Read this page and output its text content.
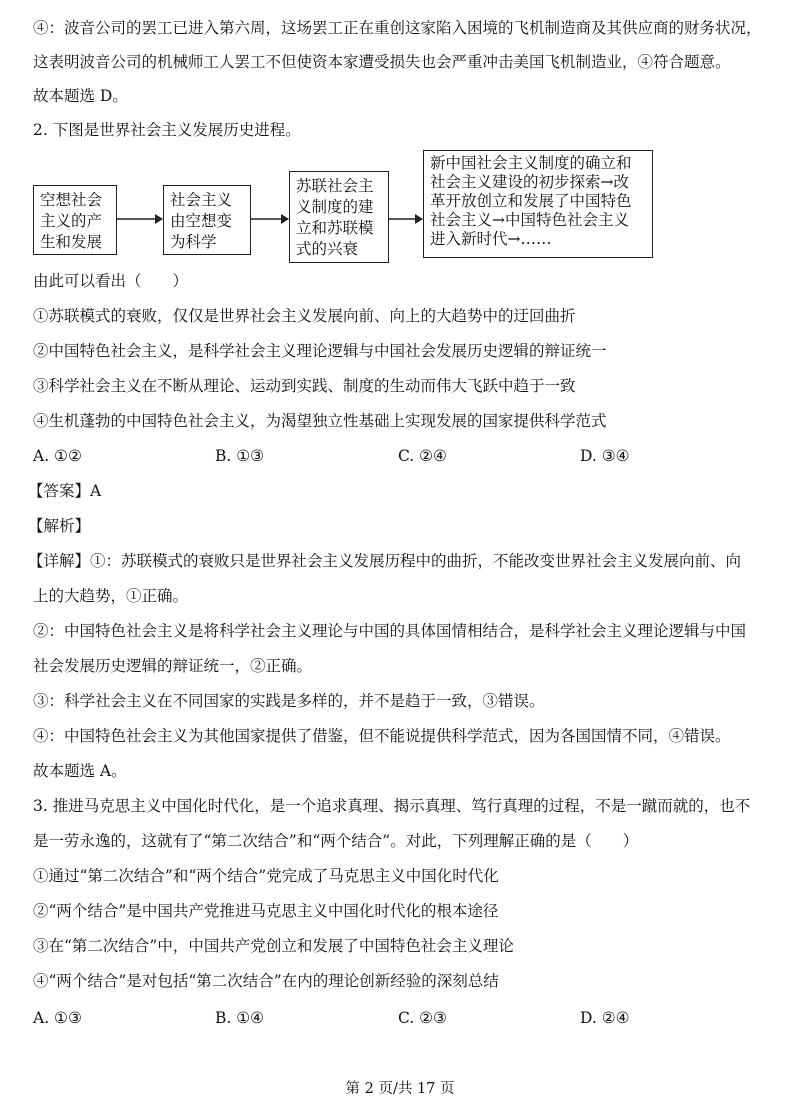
④：波音公司的罢工已进入第六周，这场罢工正在重创这家陷入困境的飞机制造商及其供应商的财务状况，
这表明波音公司的机械师工人罢工不但使资本家遭受损失也会严重冲击美国飞机制造业，④符合题意。
故本题选 D。
2. 下图是世界社会主义发展历史进程。
空想社会
主义的产
生和发展
社会主义
由空想变
为科学
苏联社会主
义制度的建
立和苏联模
式的兴衰
新中国社会主义制度的确立和
社会主义建设的初步探索→改
革开放创立和发展了中国特色
社会主义→中国特色社会主义
进入新时代→……
由此可以看出（　　）
①苏联模式的衰败，仅仅是世界社会主义发展向前、向上的大趋势中的迂回曲折
②中国特色社会主义，是科学社会主义理论逻辑与中国社会发展历史逻辑的辩证统一
③科学社会主义在不断从理论、运动到实践、制度的生动而伟大飞跃中趋于一致
④生机蓬勃的中国特色社会主义，为渴望独立性基础上实现发展的国家提供科学范式
A. ①②	B. ①③	C. ②④	D. ③④
【答案】A
【解析】
【详解】①：苏联模式的衰败只是世界社会主义发展历程中的曲折，不能改变世界社会主义发展向前、向
上的大趋势，①正确。
②：中国特色社会主义是将科学社会主义理论与中国的具体国情相结合，是科学社会主义理论逻辑与中国
社会发展历史逻辑的辩证统一，②正确。
③：科学社会主义在不同国家的实践是多样的，并不是趋于一致，③错误。
④：中国特色社会主义为其他国家提供了借鉴，但不能说提供科学范式，因为各国国情不同，④错误。
故本题选 A。
3. 推进马克思主义中国化时代化，是一个追求真理、揭示真理、笃行真理的过程，不是一蹴而就的，也不
是一劳永逸的，这就有了“第二次结合”和“两个结合”。对此，下列理解正确的是（　　）
①通过“第二次结合”和“两个结合”党完成了马克思主义中国化时代化
②“两个结合”是中国共产党推进马克思主义中国化时代化的根本途径
③在“第二次结合”中，中国共产党创立和发展了中国特色社会主义理论
④“两个结合”是对包括“第二次结合”在内的理论创新经验的深刻总结
A. ①③	B. ①④	C. ②③	D. ②④
第 2 页/共 17 页
